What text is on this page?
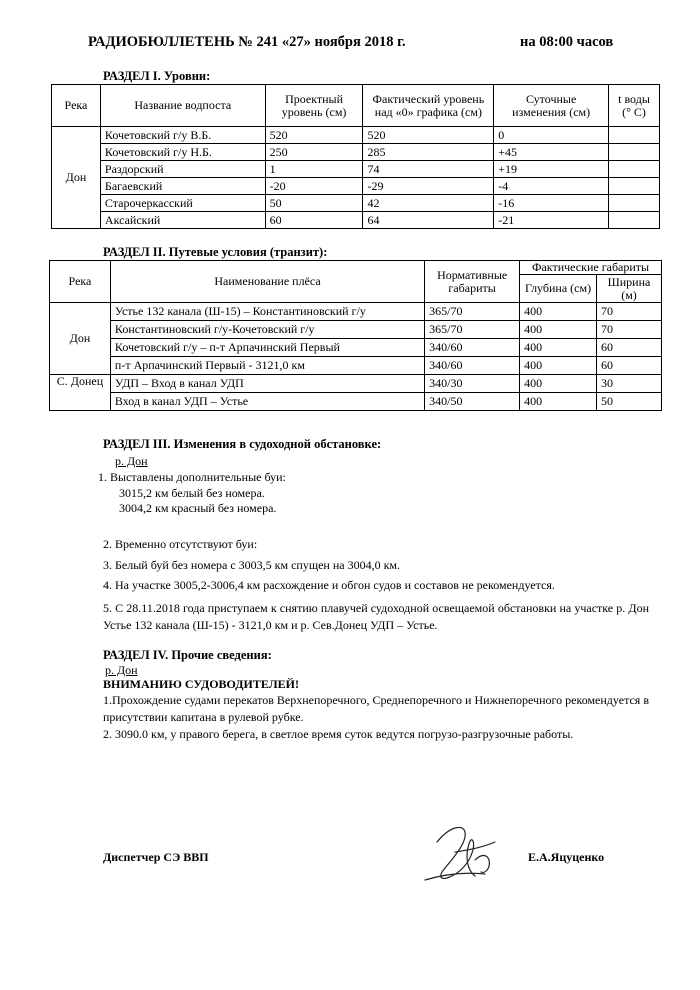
РАДИОБЮЛЛЕТЕНЬ № 241 «27» ноября 2018 г.	на 08:00 часов
РАЗДЕЛ I. Уровни:
Река	Название водпоста	Проектный уровень (см)	Фактический уровень над «0» графика (см)	Суточные изменения (см)	t воды (° С)
Дон	Кочетовский г/у В.Б.	520	520	0	
	Кочетовский г/у Н.Б.	250	285	+45	
	Раздорский	1	74	+19	
	Багаевский	-20	-29	-4	
	Старочеркасский	50	42	-16	
	Аксайский	60	64	-21	
РАЗДЕЛ II. Путевые условия (транзит):
Река	Наименование плёса	Нормативные габариты	Фактические габариты	
			Глубина (см)	Ширина (м)
Дон	Устье 132 канала (Ш-15) – Константиновский г/у	365/70	400	70
	Константиновский г/у-Кочетовский г/у	365/70	400	70
	Кочетовский г/у – п-т Арпачинский Первый	340/60	400	60
	п-т Арпачинский Первый - 3121,0 км	340/60	400	60
С. Донец	УДП – Вход в канал УДП	340/30	400	30
	Вход в канал УДП – Устье	340/50	400	50
РАЗДЕЛ III. Изменения в судоходной обстановке:
р. Дон
1. Выставлены дополнительные буи:
3015,2 км белый без номера.
3004,2 км красный без номера.
2. Временно отсутствуют буи:
3. Белый буй без номера с 3003,5 км спущен на 3004,0 км.
4. На участке 3005,2-3006,4 км расхождение и обгон судов и составов не рекомендуется.
5. С 28.11.2018 года приступаем к снятию плавучей судоходной освещаемой обстановки на участке р. Дон Устье 132 канала (Ш-15) - 3121,0 км и р. Сев.Донец УДП – Устье.
РАЗДЕЛ IV. Прочие сведения:
р. Дон
ВНИМАНИЮ СУДОВОДИТЕЛЕЙ!
1.Прохождение судами перекатов Верхнепоречного, Среднепоречного и Нижнепоречного рекомендуется в присутствии капитана в рулевой рубке.
2. 3090.0 км, у правого берега, в светлое время суток ведутся погрузо-разгрузочные работы.
Диспетчер СЭ ВВП	Е.А.Яцуценко
